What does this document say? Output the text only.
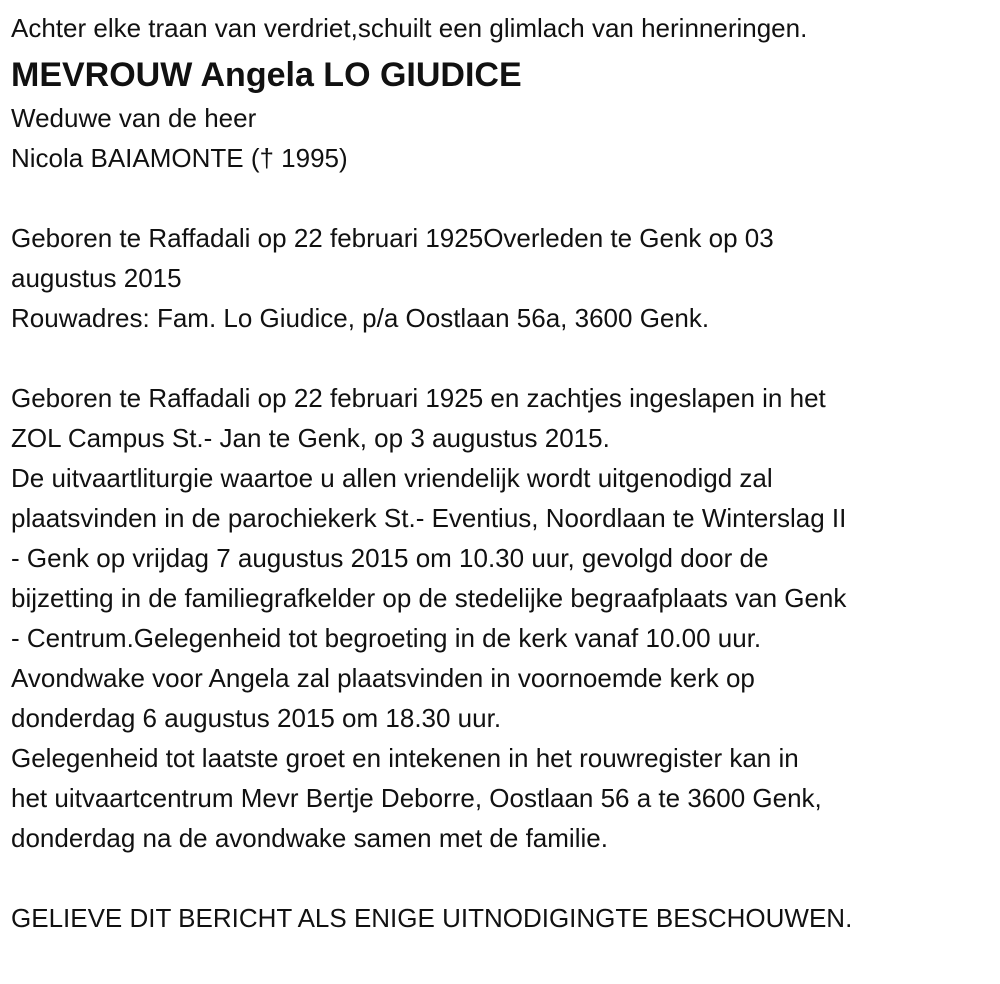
Achter elke traan van verdriet,schuilt een glimlach van herinneringen.
MEVROUW Angela LO GIUDICE
Weduwe van de heer
Nicola BAIAMONTE († 1995)
Geboren te Raffadali op 22 februari 1925Overleden te Genk op 03
augustus 2015
Rouwadres: Fam. Lo Giudice, p/a Oostlaan 56a, 3600 Genk.
Geboren te Raffadali op 22 februari 1925 en zachtjes ingeslapen in het
ZOL Campus St.- Jan te Genk, op 3 augustus 2015.
De uitvaartliturgie waartoe u allen vriendelijk wordt uitgenodigd zal
plaatsvinden in de parochiekerk St.- Eventius, Noordlaan te Winterslag II
- Genk op vrijdag 7 augustus 2015 om 10.30 uur, gevolgd door de
bijzetting in de familiegrafkelder op de stedelijke begraafplaats van Genk
- Centrum.Gelegenheid tot begroeting in de kerk vanaf 10.00 uur.
Avondwake voor Angela zal plaatsvinden in voornoemde kerk op
donderdag 6 augustus 2015 om 18.30 uur.
Gelegenheid tot laatste groet en intekenen in het rouwregister kan in
het uitvaartcentrum Mevr Bertje Deborre, Oostlaan 56 a te 3600 Genk,
donderdag na de avondwake samen met de familie.
GELIEVE DIT BERICHT ALS ENIGE UITNODIGINGTE BESCHOUWEN.
